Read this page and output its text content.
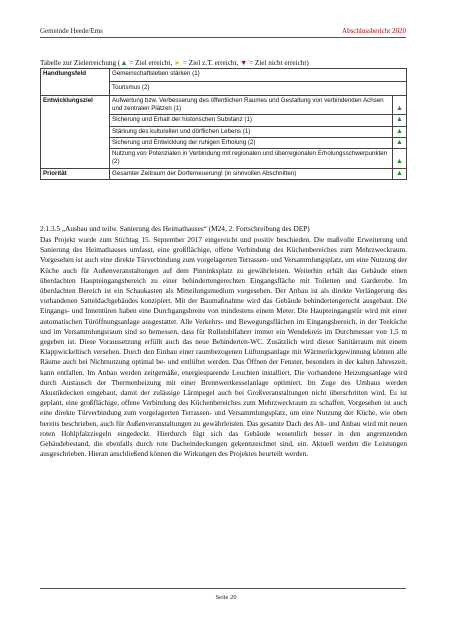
Gemeinde Heede/Ems	Abschlussbericht 2020
Tabelle zur Zielerreichung (▲ = Ziel erreicht, ► = Ziel z.T. erreicht, ▼ = Ziel nicht erreicht)
Handlungsfeld	Gemeinschaftsleben stärken (1)	
	Tourismus (2)	
Entwicklungsziel	Aufwertung bzw. Verbesserung des öffentlichen Raumes und Gestaltung von verbindenden Achsen und zentralen Plätzen (1)	▲
	Sicherung und Erhalt der historischen Substanz (1)	▲
	Stärkung des kulturellen und dörflichen Lebens (1)	▲
	Sicherung und Entwicklung der ruhigen Erholung (2)	▲
	Nutzung von Potenzialen in Verbindung mit regionalen und überregionalen Erholungsschwerpunkten (2)	▲
Priorität	Gesamter Zeitraum der Dorferneuerung! (in sinnvollen Abschnitten)	▲
2.1.3.5 „Ausbau und teilw. Sanierung des Heimathauses“ (M24, 2. Fortschreibung des DEP)
Das Projekt wurde zum Stichtag 15. September 2017 eingereicht und positiv beschieden. Die maßvolle Erweiterung und Sanierung des Heimathauses umfasst, eine großflächige, offene Verbindung des Küchenbereiches zum Mehrzweckraum. Vorgesehen ist auch eine direkte Türverbindung zum vorgelagerten Terrassen- und Versammlungsplatz, um eine Nutzung der Küche auch für Außenveranstaltungen auf dem Pinninksplatz zu gewährleisten. Weiterhin erhält das Gebäude einen überdachten Haupteingangsbereich zu einer behindertengerechten Eingangsfläche mit Toiletten und Garderobe. Im überdachten Bereich ist ein Schaukasten als Mitteilungsmedium vorgesehen. Der Anbau ist als direkte Verlängerung des vorhandenen Satteldachgebäudes konzipiert. Mit der Baumaßnahme wird das Gebäude behindertengerecht ausgebaut. Die Eingangs- und Innentüren haben eine Durchgangsbreite von mindestens einem Meter. Die Haupteingangstür wird mit einer automatischen Türöffnungsanlage ausgestattet. Alle Verkehrs- und Bewegungsflächen im Eingangsbereich, in der Teeküche und im Versammlungsraum sind so bemessen, dass für Rollstuhlfahrer immer ein Wendekreis im Durchmesser von 1,5 m gegeben ist. Diese Voraussetzung erfüllt auch das neue Behinderten-WC. Zusätzlich wird dieser Sanitärraum mit einem Klappwickeltisch versehen. Durch den Einbau einer raumbezogenen Lüftungsanlage mit Wärmerückgewinnung können alle Räume auch bei Nichtnutzung optimal be- und entlüftet werden. Das Öffnen der Fenster, besonders in der kalten Jahreszeit, kann entfallen. Im Anbau werden zeitgemäße, energiesparende Leuchten installiert. Die vorhandene Heizungsanlage wird durch Austausch der Thermenheizung mit einer Brennwertkesselanlage optimiert. Im Zuge des Umbaus werden Akustikdecken eingebaut, damit der zulässige Lärmpegel auch bei Großveranstaltungen nicht überschritten wird. Es ist geplant, eine großflächige, offene Verbindung des Küchenbereiches zum Mehrzweckraum zu schaffen. Vorgesehen ist auch eine direkte Türverbindung zum vorgelagerten Terrassen- und Versammlungsplatz, um eine Nutzung der Küche, wie oben bereits beschrieben, auch für Außenveranstaltungen zu gewährleisten. Das gesamte Dach des Alt- und Anbau wird mit neuen roten Hohlpfalzziegeln eingedeckt. Hierdurch fügt sich das Gebäude wesentlich besser in den angrenzenden Gebäudebestand, die ebenfalls durch rote Dacheindeckungen gekennzeichnet sind, ein. Aktuell werden die Leistungen ausgeschrieben. Hieran anschließend können die Wirkungen des Projektes beurteilt werden.
Seite 20
